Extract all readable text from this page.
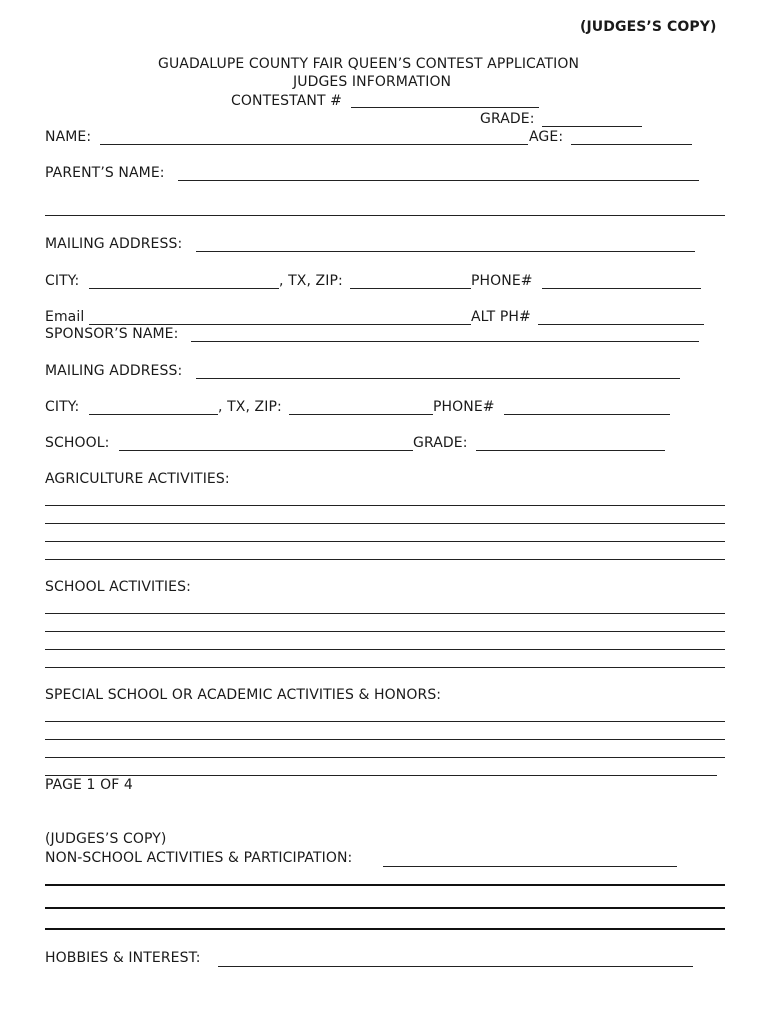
(JUDGES’S COPY)
GUADALUPE COUNTY FAIR QUEEN’S CONTEST APPLICATION
JUDGES INFORMATION
CONTESTANT #
GRADE:
NAME:	AGE:
PARENT’S NAME:
MAILING ADDRESS:
CITY:	, TX, ZIP:	PHONE#
Email	ALT PH#
SPONSOR’S NAME:
MAILING ADDRESS:
CITY:	, TX, ZIP:	PHONE#
SCHOOL:	GRADE:
AGRICULTURE ACTIVITIES:
SCHOOL ACTIVITIES:
SPECIAL SCHOOL OR ACADEMIC ACTIVITIES & HONORS:
PAGE 1 OF 4
(JUDGES’S COPY)
NON-SCHOOL ACTIVITIES & PARTICIPATION:
HOBBIES & INTEREST:
